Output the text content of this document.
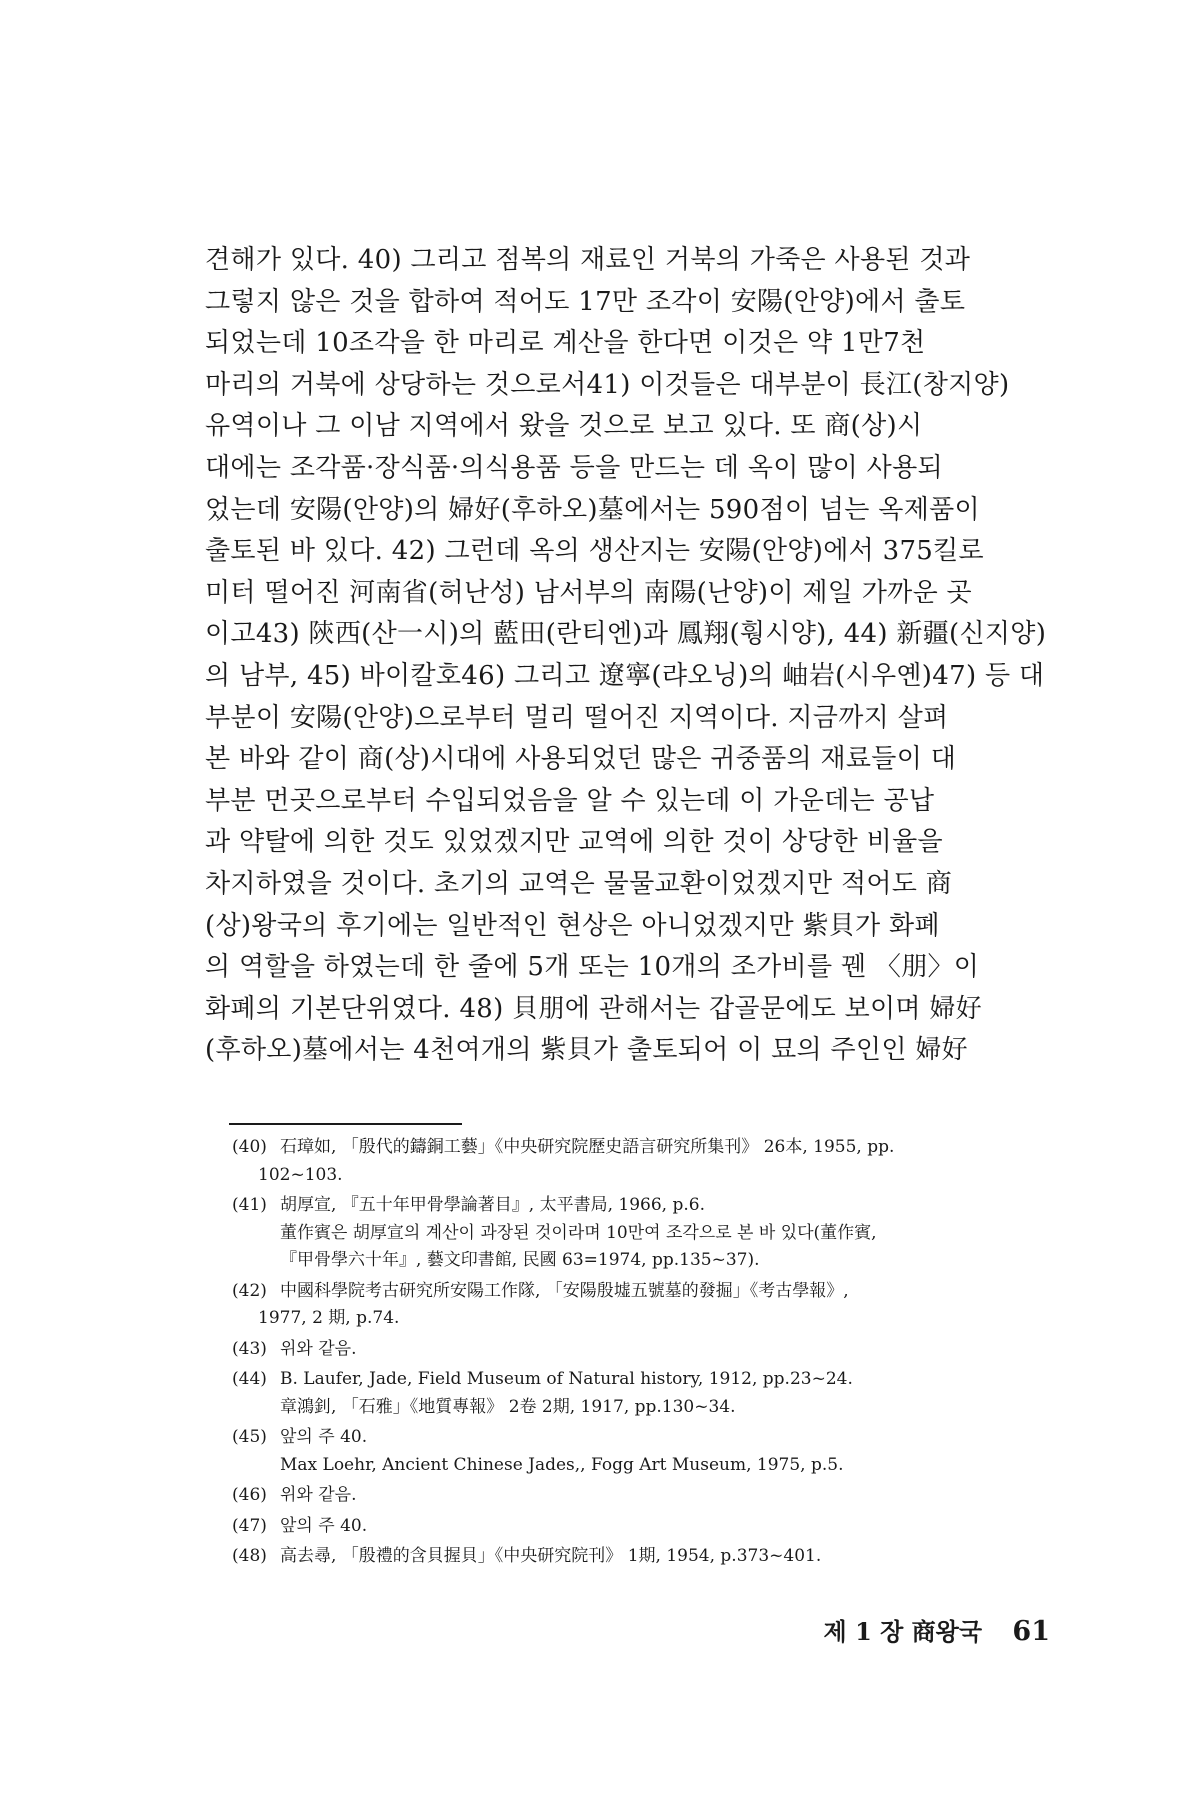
견해가 있다. 40) 그리고 점복의 재료인 거북의 가죽은 사용된 것과
그렇지 않은 것을 합하여 적어도 17만 조각이 安陽(안양)에서 출토
되었는데 10조각을 한 마리로 계산을 한다면 이것은 약 1만7천
마리의 거북에 상당하는 것으로서41) 이것들은 대부분이 長江(창지양)
유역이나 그 이남 지역에서 왔을 것으로 보고 있다. 또 商(상)시
대에는 조각품·장식품·의식용품 등을 만드는 데 옥이 많이 사용되
었는데 安陽(안양)의 婦好(후하오)墓에서는 590점이 넘는 옥제품이
출토된 바 있다. 42) 그런데 옥의 생산지는 安陽(안양)에서 375킬로
미터 떨어진 河南省(허난성) 남서부의 南陽(난양)이 제일 가까운 곳
이고43) 陝西(산一시)의 藍田(란티엔)과 鳳翔(훵시양), 44) 新疆(신지양)
의 남부, 45) 바이칼호46) 그리고 遼寧(랴오닝)의 岫岩(시우옌)47) 등 대
부분이 安陽(안양)으로부터 멀리 떨어진 지역이다. 지금까지 살펴
본 바와 같이 商(상)시대에 사용되었던 많은 귀중품의 재료들이 대
부분 먼곳으로부터 수입되었음을 알 수 있는데 이 가운데는 공납
과 약탈에 의한 것도 있었겠지만 교역에 의한 것이 상당한 비율을
차지하였을 것이다. 초기의 교역은 물물교환이었겠지만 적어도 商
(상)왕국의 후기에는 일반적인 현상은 아니었겠지만 紫貝가 화폐
의 역할을 하였는데 한 줄에 5개 또는 10개의 조가비를 꿴 〈朋〉이
화폐의 기본단위였다. 48) 貝朋에 관해서는 갑골문에도 보이며 婦好
(후하오)墓에서는 4천여개의 紫貝가 출토되어 이 묘의 주인인 婦好
(40) 石璋如, 「殷代的鑄銅工藝」《中央研究院歷史語言研究所集刊》 26本, 1955, pp.
102~103.
(41) 胡厚宣, 『五十年甲骨學論著目』, 太平書局, 1966, p.6.
董作賓은 胡厚宣의 계산이 과장된 것이라며 10만여 조각으로 본 바 있다(董作賓,
『甲骨學六十年』, 藝文印書館, 民國 63=1974, pp.135~37).
(42) 中國科學院考古研究所安陽工作隊, 「安陽殷墟五號墓的發掘」《考古學報》,
1977, 2 期, p.74.
(43) 위와 같음.
(44) B. Laufer, Jade, Field Museum of Natural history, 1912, pp.23~24.
章鴻釗, 「石雅」《地質專報》 2卷 2期, 1917, pp.130~34.
(45) 앞의 주 40.
Max Loehr, Ancient Chinese Jades,, Fogg Art Museum, 1975, p.5.
(46) 위와 같음.
(47) 앞의 주 40.
(48) 高去尋, 「殷禮的含貝握貝」《中央研究院刊》 1期, 1954, p.373~401.
제 1 장 商왕국 61
